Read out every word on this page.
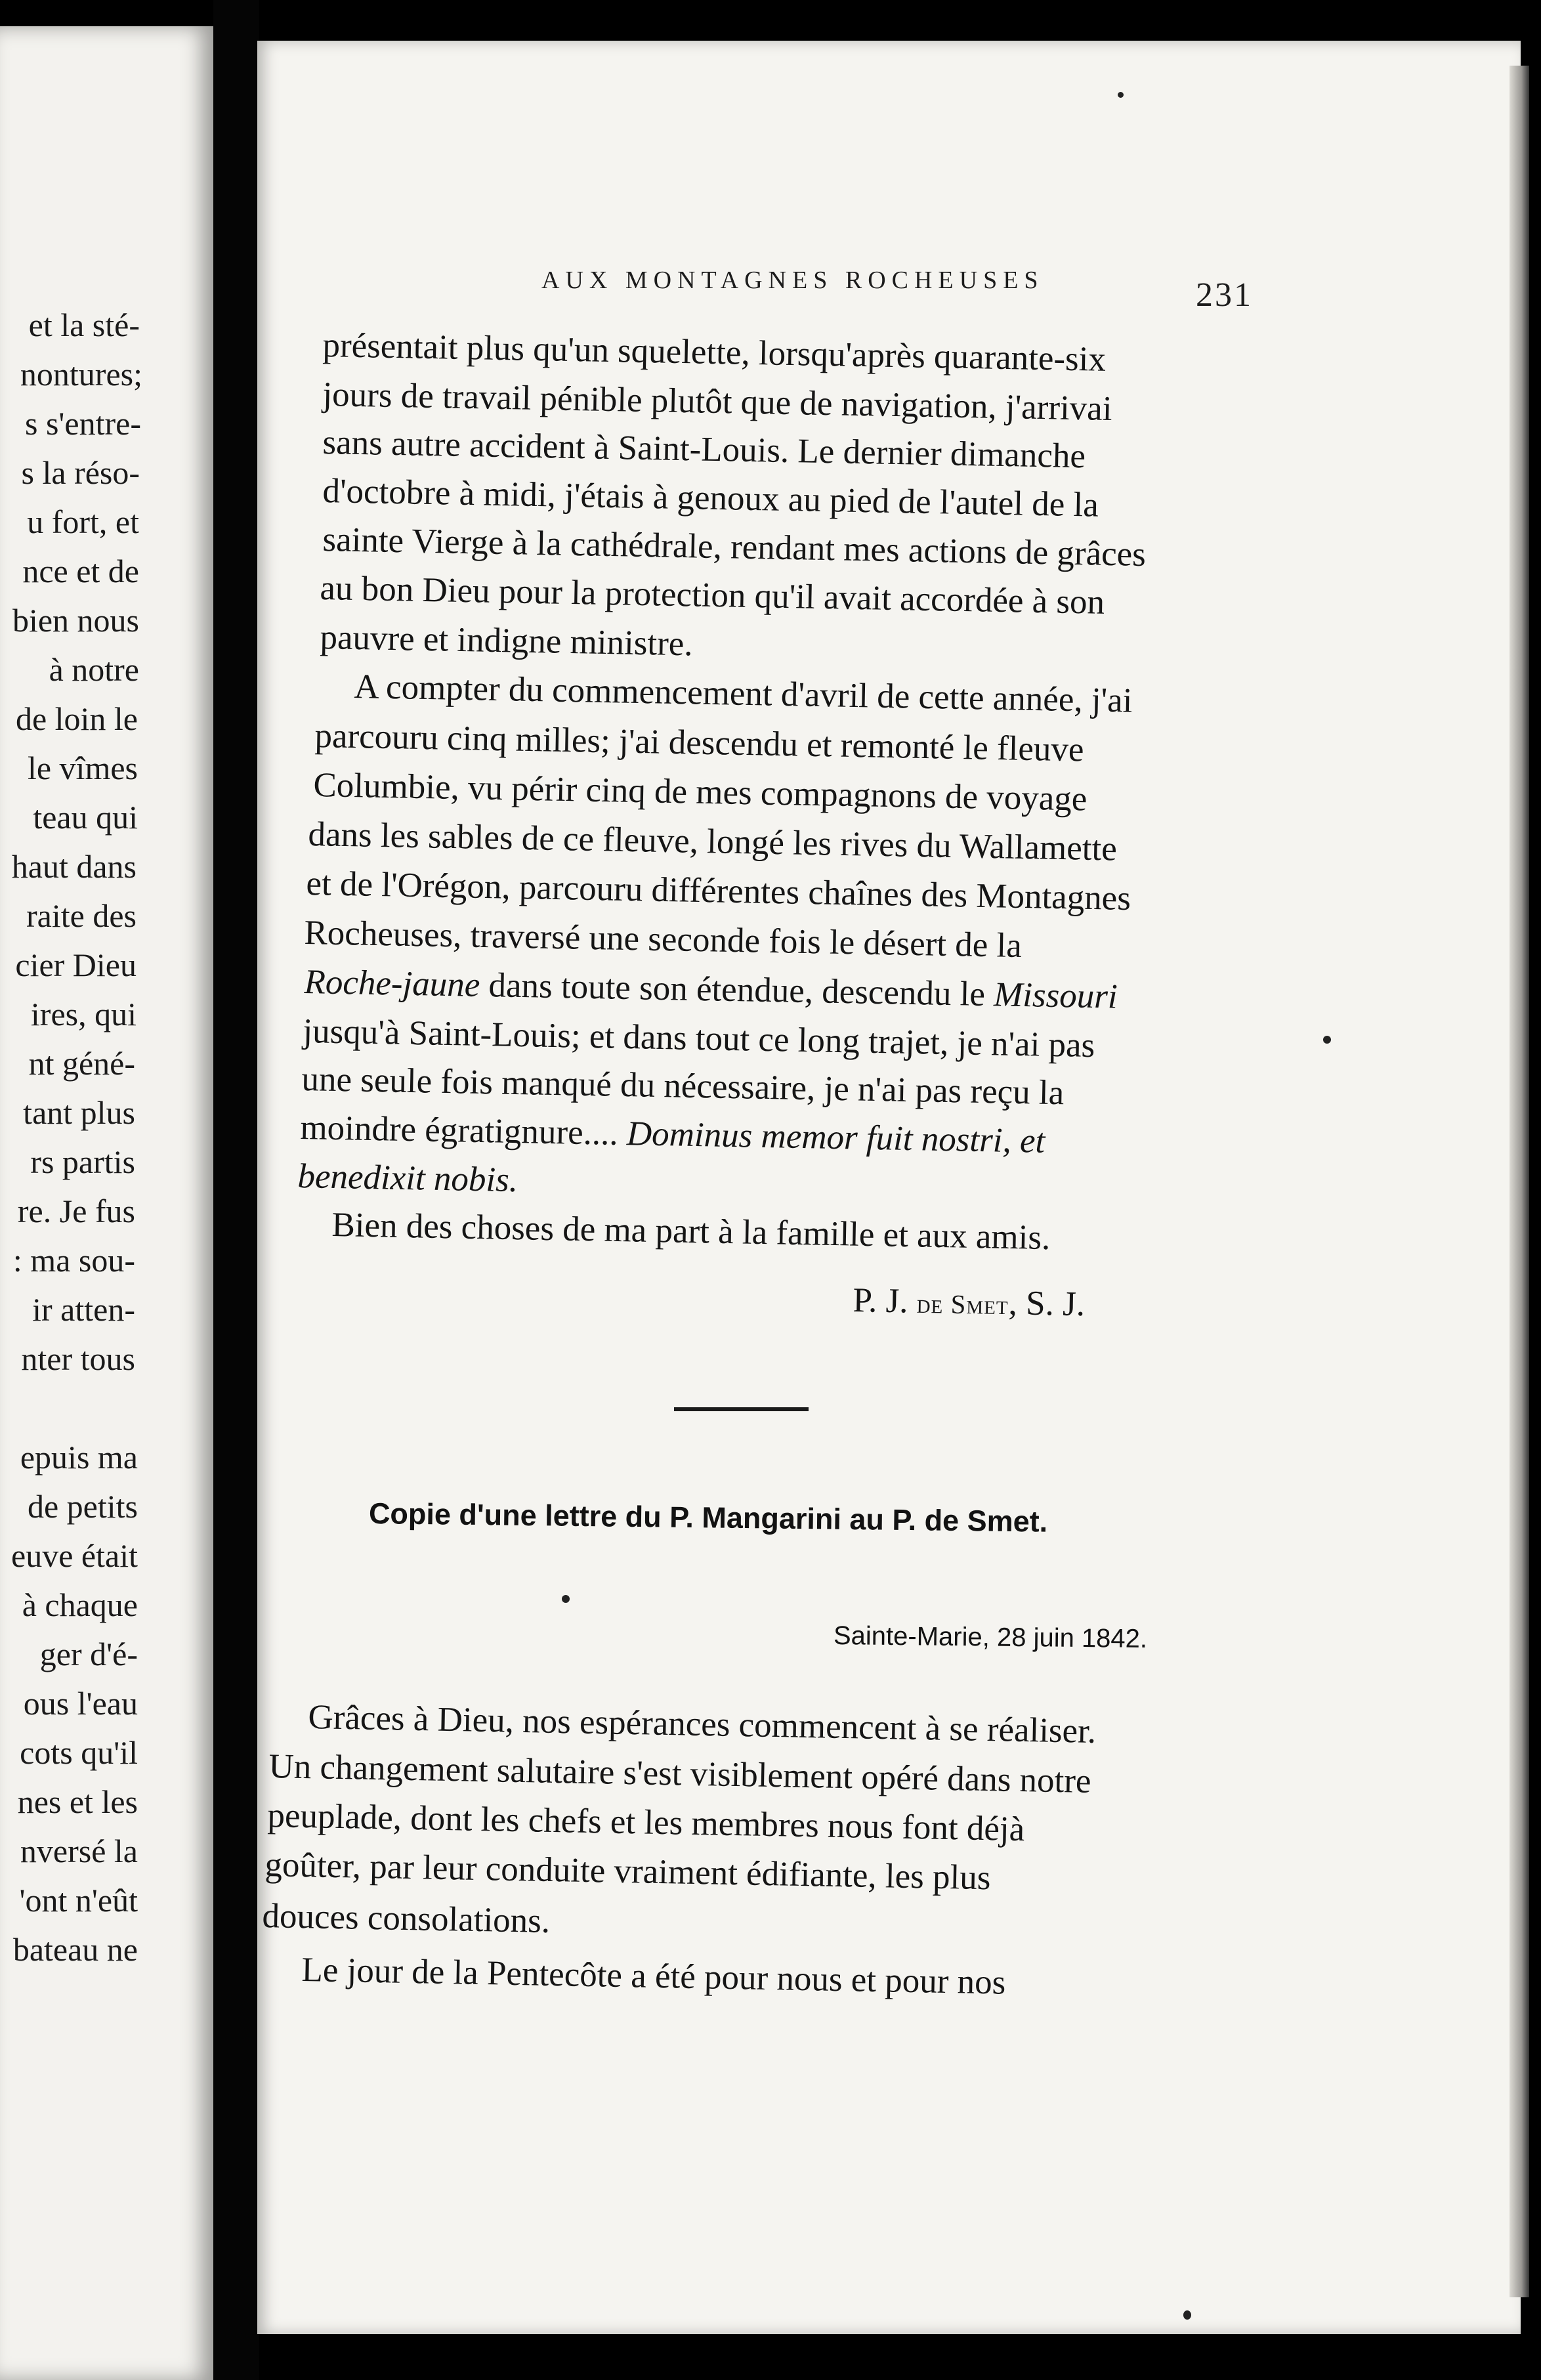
et la sté-
nontures;
s s'entre-
s la réso-
u fort, et
nce et de
bien nous
à notre
de loin le
le vîmes
teau qui
haut dans
raite des
cier Dieu
ires, qui
nt géné-
tant plus
rs partis
re. Je fus
: ma sou-
ir atten-
nter tous
epuis ma
de petits
euve était
à chaque
ger d'é-
ous l'eau
cots qu'il
nes et les
nversé la
'ont n'eût
bateau ne
AUX MONTAGNES ROCHEUSES	231
présentait plus qu'un squelette, lorsqu'après quarante-six
jours de travail pénible plutôt que de navigation, j'arrivai
sans autre accident à Saint-Louis. Le dernier dimanche
d'octobre à midi, j'étais à genoux au pied de l'autel de la
sainte Vierge à la cathédrale, rendant mes actions de grâces
au bon Dieu pour la protection qu'il avait accordée à son
pauvre et indigne ministre.
A compter du commencement d'avril de cette année, j'ai
parcouru cinq milles; j'ai descendu et remonté le fleuve
Columbie, vu périr cinq de mes compagnons de voyage
dans les sables de ce fleuve, longé les rives du Wallamette
et de l'Orégon, parcouru différentes chaînes des Montagnes
Rocheuses, traversé une seconde fois le désert de la
Roche-jaune dans toute son étendue, descendu le Missouri
jusqu'à Saint-Louis; et dans tout ce long trajet, je n'ai pas
une seule fois manqué du nécessaire, je n'ai pas reçu la
moindre égratignure.... Dominus memor fuit nostri, et
benedixit nobis.
Bien des choses de ma part à la famille et aux amis.
P. J. de Smet, S. J.
Copie d'une lettre du P. Mangarini au P. de Smet.
Sainte-Marie, 28 juin 1842.
Grâces à Dieu, nos espérances commencent à se réaliser.
Un changement salutaire s'est visiblement opéré dans notre
peuplade, dont les chefs et les membres nous font déjà
goûter, par leur conduite vraiment édifiante, les plus
douces consolations.
Le jour de la Pentecôte a été pour nous et pour nos
